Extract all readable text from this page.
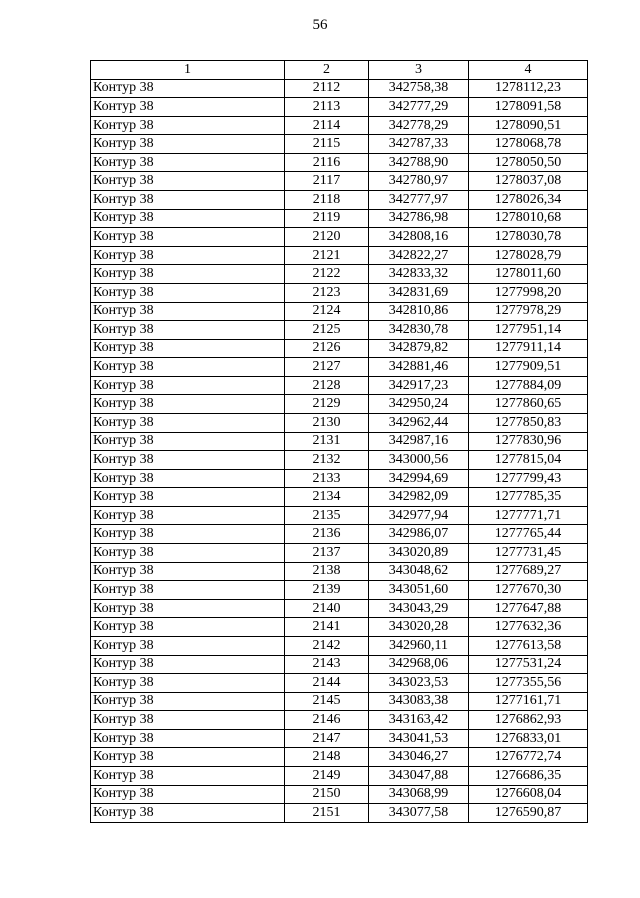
56
1	2	3	4
Контур 38	2112	342758,38	1278112,23
Контур 38	2113	342777,29	1278091,58
Контур 38	2114	342778,29	1278090,51
Контур 38	2115	342787,33	1278068,78
Контур 38	2116	342788,90	1278050,50
Контур 38	2117	342780,97	1278037,08
Контур 38	2118	342777,97	1278026,34
Контур 38	2119	342786,98	1278010,68
Контур 38	2120	342808,16	1278030,78
Контур 38	2121	342822,27	1278028,79
Контур 38	2122	342833,32	1278011,60
Контур 38	2123	342831,69	1277998,20
Контур 38	2124	342810,86	1277978,29
Контур 38	2125	342830,78	1277951,14
Контур 38	2126	342879,82	1277911,14
Контур 38	2127	342881,46	1277909,51
Контур 38	2128	342917,23	1277884,09
Контур 38	2129	342950,24	1277860,65
Контур 38	2130	342962,44	1277850,83
Контур 38	2131	342987,16	1277830,96
Контур 38	2132	343000,56	1277815,04
Контур 38	2133	342994,69	1277799,43
Контур 38	2134	342982,09	1277785,35
Контур 38	2135	342977,94	1277771,71
Контур 38	2136	342986,07	1277765,44
Контур 38	2137	343020,89	1277731,45
Контур 38	2138	343048,62	1277689,27
Контур 38	2139	343051,60	1277670,30
Контур 38	2140	343043,29	1277647,88
Контур 38	2141	343020,28	1277632,36
Контур 38	2142	342960,11	1277613,58
Контур 38	2143	342968,06	1277531,24
Контур 38	2144	343023,53	1277355,56
Контур 38	2145	343083,38	1277161,71
Контур 38	2146	343163,42	1276862,93
Контур 38	2147	343041,53	1276833,01
Контур 38	2148	343046,27	1276772,74
Контур 38	2149	343047,88	1276686,35
Контур 38	2150	343068,99	1276608,04
Контур 38	2151	343077,58	1276590,87
